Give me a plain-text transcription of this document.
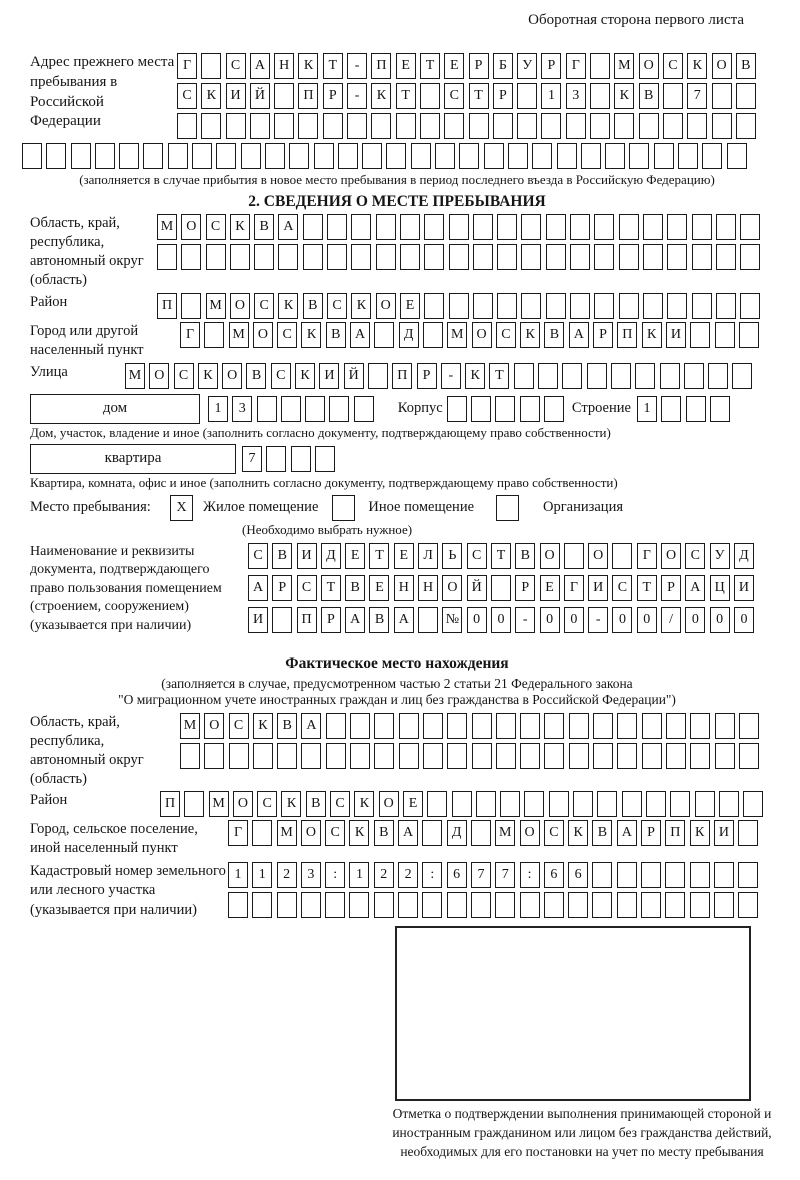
Оборотная сторона первого листа
Адрес прежнего места пребывания в Российской Федерации
Г	С	А	Н	К	Т	-	П	Е	Т	Е	Р	Б	У	Р	Г	М О	С	К	О	В
С	К	И	Й	П	Р	-	К	Т	С	Т	Р	1	3	К	В	7
(заполняется в случае прибытия в новое место пребывания в период последнего въезда в Российскую Федерацию)
2. СВЕДЕНИЯ О МЕСТЕ ПРЕБЫВАНИЯ
Область, край, республика, автономный округ (область)
М О	С	К	В	А
Район	П	М О	С	К	В	С	К	О	Е
Город или другой населенный пункт
Г	М О	С	К	В	А	Д	М О	С	К	В	А	Р	П	К	И
Улица	М О	С	К	О	В	С	К	И	Й	П	Р	-	К	Т
дом	1	3	Корпус	Строение 1
Дом, участок, владение и иное (заполнить согласно документу, подтверждающему право собственности)
квартира	7
Квартира, комната, офис и иное (заполнить согласно документу, подтверждающему право собственности)
Место пребывания:	X	Жилое помещение	Иное помещение	Организация
(Необходимо выбрать нужное)
Наименование и реквизиты документа, подтверждающего право пользования помещением (строением, сооружением) (указывается при наличии)
С	В	И	Д	Е	Т	Е	Л	Ь	С	Т	В	О	О	Г	О	С	У	Д
А	Р	С	Т	В	Е	Н	Н	О	Й	Р	Е	Г	И	С	Т	Р	А	Ц	И
И	П	Р	А	В	А	№	0	0	-	0	0	-	0	0	/	0	0	0
Фактическое место нахождения
(заполняется в случае, предусмотренном частью 2 статьи 21 Федерального закона
"О миграционном учете иностранных граждан и лиц без гражданства в Российской Федерации")
Область, край, республика, автономный округ (область)
М О	С	К	В	А
Район	П	М О	С	К	В	С	К	О	Е
Город, сельское поселение, иной населенный пункт
Г	М О	С	К	В	А	Д	М О	С	К	В	А	Р	П	К	И
Кадастровый номер земельного или лесного участка (указывается при наличии)
1	1	2	3	:	1	2	2	:	6	7	7	:	6	6
Отметка о подтверждении выполнения принимающей стороной и иностранным гражданином или лицом без гражданства действий, необходимых для его постановки на учет по месту пребывания
